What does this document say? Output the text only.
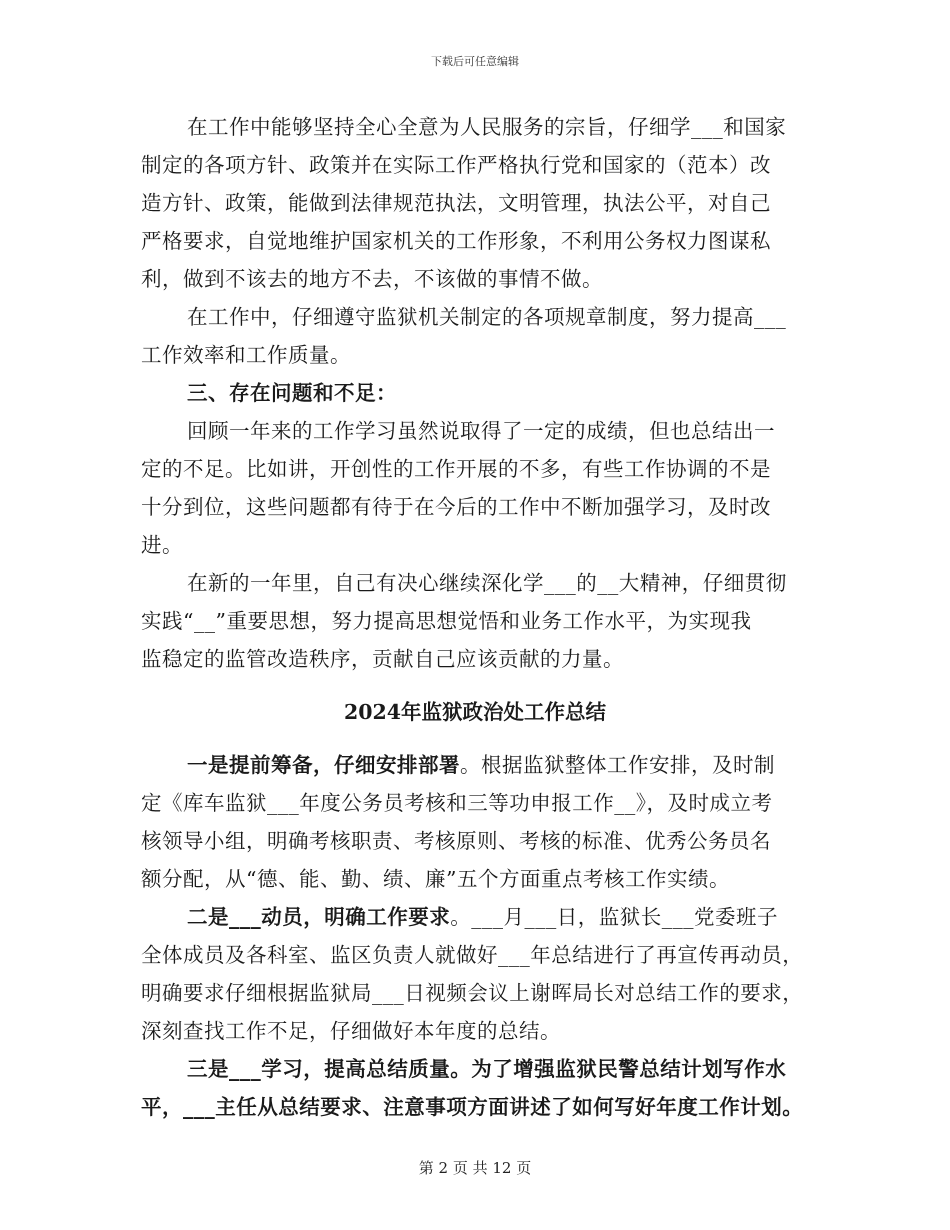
下载后可任意编辑
在工作中能够坚持全心全意为人民服务的宗旨，仔细学___和国家
制定的各项方针、政策并在实际工作严格执行党和国家的（范本）改
造方针、政策，能做到法律规范执法，文明管理，执法公平，对自己
严格要求，自觉地维护国家机关的工作形象，不利用公务权力图谋私
利，做到不该去的地方不去，不该做的事情不做。
在工作中，仔细遵守监狱机关制定的各项规章制度，努力提高___
工作效率和工作质量。
三、存在问题和不足：
回顾一年来的工作学习虽然说取得了一定的成绩，但也总结出一
定的不足。比如讲，开创性的工作开展的不多，有些工作协调的不是
十分到位，这些问题都有待于在今后的工作中不断加强学习，及时改
进。
在新的一年里，自己有决心继续深化学___的__大精神，仔细贯彻
实践“__”重要思想，努力提高思想觉悟和业务工作水平，为实现我
监稳定的监管改造秩序，贡献自己应该贡献的力量。
2024年监狱政治处工作总结
一是提前筹备，仔细安排部署。根据监狱整体工作安排，及时制
定《库车监狱___年度公务员考核和三等功申报工作__》，及时成立考
核领导小组，明确考核职责、考核原则、考核的标准、优秀公务员名
额分配，从“德、能、勤、绩、廉”五个方面重点考核工作实绩。
二是___动员，明确工作要求。___月___日，监狱长___党委班子
全体成员及各科室、监区负责人就做好___年总结进行了再宣传再动员，
明确要求仔细根据监狱局___日视频会议上谢晖局长对总结工作的要求，
深刻查找工作不足，仔细做好本年度的总结。
三是___学习，提高总结质量。为了增强监狱民警总结计划写作水
平，___主任从总结要求、注意事项方面讲述了如何写好年度工作计划。
第 2 页 共 12 页
